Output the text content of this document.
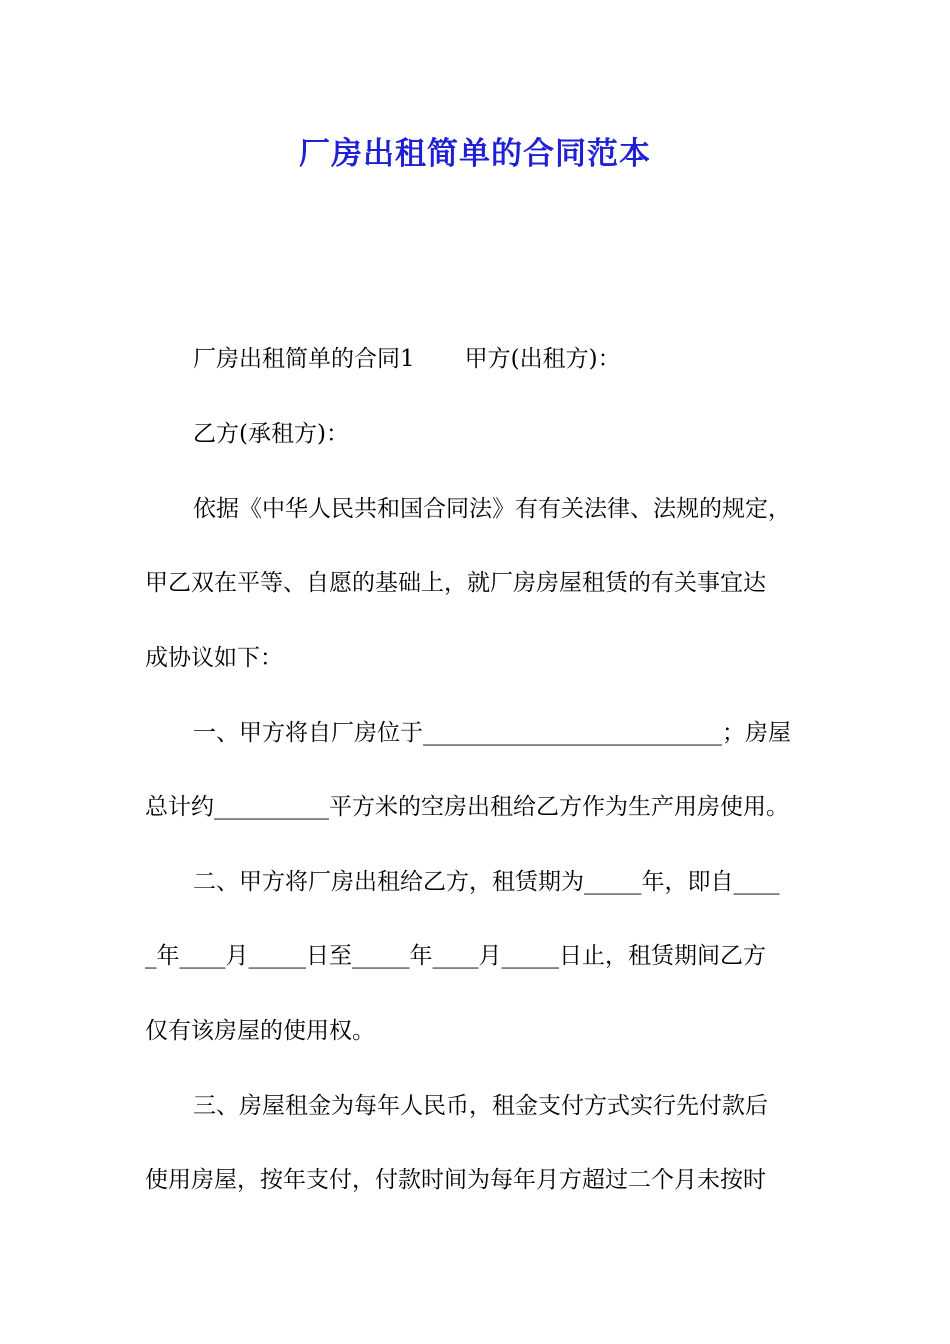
厂房出租简单的合同范本

厂房出租简单的合同1 甲方(出租方)：

乙方(承租方)：

依据《中华人民共和国合同法》有有关法律、法规的规定，

甲乙双在平等、自愿的基础上，就厂房房屋租赁的有关事宜达

成协议如下：

一、甲方将自厂房位于__________________________；房屋

总计约__________平方米的空房出租给乙方作为生产用房使用。

二、甲方将厂房出租给乙方，租赁期为_____年，即自____

_年____月_____日至_____年____月_____日止，租赁期间乙方

仅有该房屋的使用权。

三、房屋租金为每年人民币，租金支付方式实行先付款后

使用房屋，按年支付，付款时间为每年月方超过二个月未按时
